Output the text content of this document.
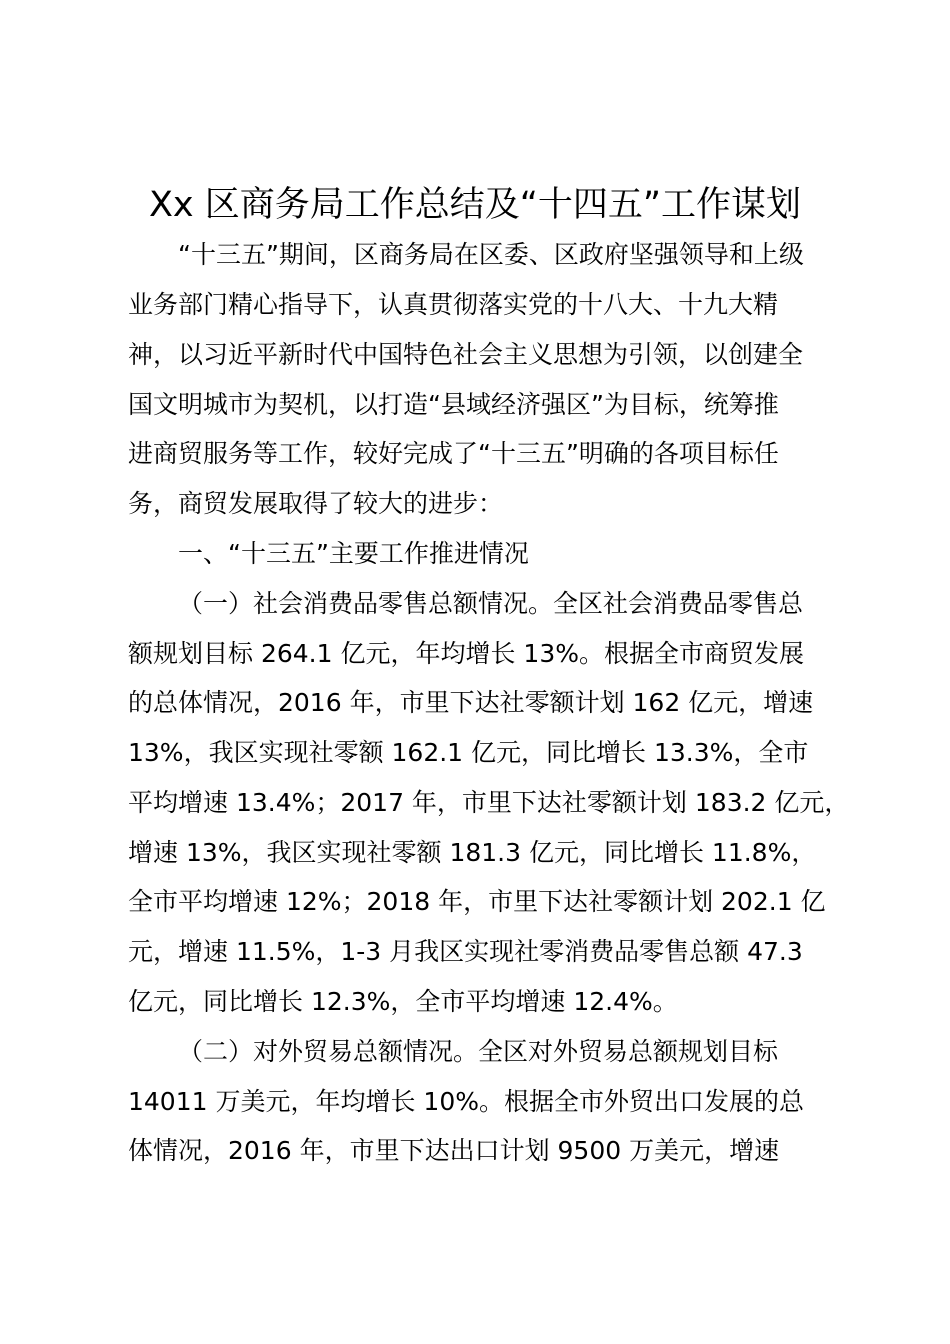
Xx 区商务局工作总结及“十四五”工作谋划

“十三五”期间，区商务局在区委、区政府坚强领导和上级

业务部门精心指导下，认真贯彻落实党的十八大、十九大精

神，以习近平新时代中国特色社会主义思想为引领，以创建全

国文明城市为契机，以打造“县域经济强区”为目标，统筹推

进商贸服务等工作，较好完成了“十三五”明确的各项目标任

务，商贸发展取得了较大的进步：

一、“十三五”主要工作推进情况

（一）社会消费品零售总额情况。全区社会消费品零售总

额规划目标 264.1 亿元，年均增长 13%。根据全市商贸发展

的总体情况，2016 年，市里下达社零额计划 162 亿元，增速

13%，我区实现社零额 162.1 亿元，同比增长 13.3%，全市

平均增速 13.4%；2017 年，市里下达社零额计划 183.2 亿元，

增速 13%，我区实现社零额 181.3 亿元，同比增长 11.8%，

全市平均增速 12%；2018 年，市里下达社零额计划 202.1 亿

元，增速 11.5%，1-3 月我区实现社零消费品零售总额 47.3

亿元，同比增长 12.3%，全市平均增速 12.4%。

（二）对外贸易总额情况。全区对外贸易总额规划目标

14011 万美元，年均增长 10%。根据全市外贸出口发展的总

体情况，2016 年，市里下达出口计划 9500 万美元，增速
